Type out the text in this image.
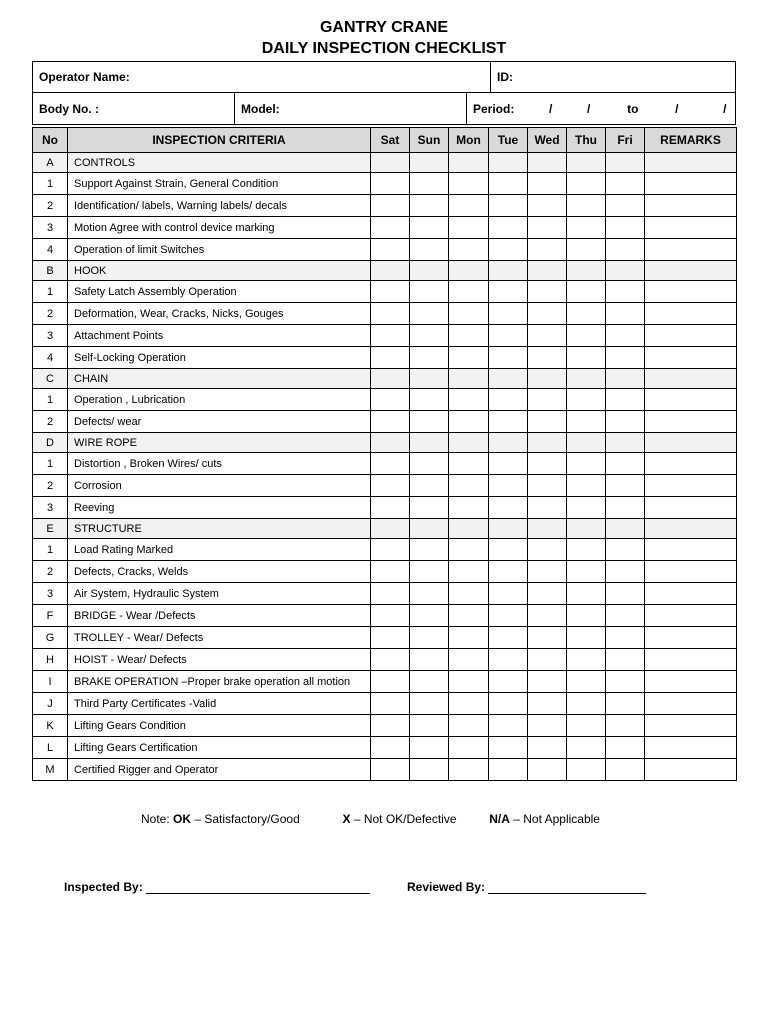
GANTRY CRANE
DAILY INSPECTION CHECKLIST
Operator Name:			ID:
Body No. :	Model:	Period: / / to / /	
No	INSPECTION CRITERIA	Sat	Sun	Mon	Tue	Wed	Thu	Fri	REMARKS
A	CONTROLS								
1	Support Against Strain, General Condition								
2	Identification/ labels, Warning labels/ decals								
3	Motion Agree with control device marking								
4	Operation of limit Switches								
B	HOOK								
1	Safety Latch Assembly Operation								
2	Deformation, Wear, Cracks, Nicks, Gouges								
3	Attachment Points								
4	Self-Locking Operation								
C	CHAIN								
1	Operation , Lubrication								
2	Defects/ wear								
D	WIRE ROPE								
1	Distortion , Broken Wires/ cuts								
2	Corrosion								
3	Reeving								
E	STRUCTURE								
1	Load Rating Marked								
2	Defects, Cracks, Welds								
3	Air System, Hydraulic System								
F	BRIDGE - Wear /Defects								
G	TROLLEY - Wear/ Defects								
H	HOIST - Wear/ Defects								
I	BRAKE OPERATION –Proper brake operation all motion								
J	Third Party Certificates -Valid								
K	Lifting Gears Condition								
L	Lifting Gears Certification								
M	Certified Rigger and Operator								
Note: OK – Satisfactory/Good	X – Not OK/Defective	N/A – Not Applicable
Inspected By:	Reviewed By:
